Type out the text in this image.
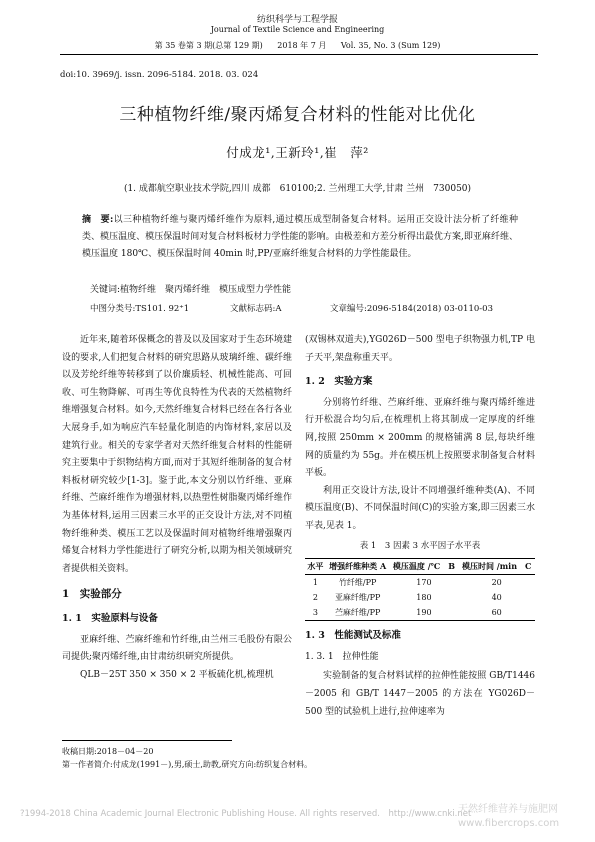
纺织科学与工程学报
Journal of Textile Science and Engineering
第 35 卷第 3 期(总第 129 期) 2018 年 7 月 Vol. 35, No. 3 (Sum 129)
doi:10. 3969/j. issn. 2096-5184. 2018. 03. 024
三种植物纤维/聚丙烯复合材料的性能对比优化
付成龙¹,王新玲¹,崔　萍²
(1. 成都航空职业技术学院,四川 成都　610100;2. 兰州理工大学,甘肃 兰州　730050)
摘　要:以三种植物纤维与聚丙烯纤维作为原料,通过模压成型制备复合材料。运用正交设计法分析了纤维种类、模压温度、模压保温时间对复合材料板材力学性能的影响。由极差和方差分析得出最优方案,即亚麻纤维、模压温度 180℃、模压保温时间 40min 时,PP/亚麻纤维复合材料的力学性能最佳。
关键词:植物纤维　聚丙烯纤维　模压成型力学性能
中图分类号:TS101. 92⁺1	文献标志码:A	文章编号:2096-5184(2018) 03-0110-03

近年来,随着环保概念的普及以及国家对于生态环境建设的要求,人们把复合材料的研究思路从玻璃纤维、碳纤维以及芳纶纤维等转移到了以价廉质轻、机械性能高、可回收、可生物降解、可再生等优良特性为代表的天然植物纤维增强复合材料。如今,天然纤维复合材料已经在各行各业大展身手,如为响应汽车轻量化制造的内饰材料,家居以及建筑行业。相关的专家学者对天然纤维复合材料的性能研究主要集中于织物结构方面,而对于其短纤维制备的复合材料板材研究较少[1-3]。鉴于此,本文分别以竹纤维、亚麻纤维、苎麻纤维作为增强材料,以热塑性树脂聚丙烯纤维作为基体材料,运用三因素三水平的正交设计方法,对不同植物纤维种类、模压工艺以及保温时间对植物纤维增强聚丙烯复合材料力学性能进行了研究分析,以期为相关领域研究者提供相关资料。

1　实验部分
1. 1　实验原料与设备

亚麻纤维、苎麻纤维和竹纤维,由兰州三毛股份有限公司提供;聚丙烯纤维,由甘肃纺织研究所提供。

QLB－25T 350 × 350 × 2 平板硫化机,梳理机

(双锡林双道夫),YG026D－500 型电子织物强力机,TP 电子天平,架盘称重天平。

1. 2　实验方案

分别将竹纤维、苎麻纤维、亚麻纤维与聚丙烯纤维进行开松混合均匀后,在梳理机上将其制成一定厚度的纤维网,按照 250mm × 200mm 的规格铺满 8 层,每块纤维网的质量约为 55g。并在模压机上按照要求制备复合材料平板。

利用正交设计方法,设计不同增强纤维种类(A)、不同模压温度(B)、不同保温时间(C)的实验方案,即三因素三水平表,见表 1。

表 1　3 因素 3 水平因子水平表
水平	增强纤维种类 A	模压温度 /℃　B	模压时间 /min　C
1	竹纤维/PP	170	20
2	亚麻纤维/PP	180	40
3	苎麻纤维/PP	190	60
1. 3　性能测试及标准
1. 3. 1　拉伸性能

实验制备的复合材料试样的拉伸性能按照 GB/T1446－2005 和 GB/T 1447－2005 的方法在 YG026D－500 型的试验机上进行,拉伸速率为

收稿日期:2018－04－20
第一作者简介:付成龙(1991－),男,硕士,助教,研究方向:纺织复合材料。
?1994-2018 China Academic Journal Electronic Publishing House. All rights reserved.　http://www.cnki.net
天然纤维营养与施肥网
www.fibercrops.com
